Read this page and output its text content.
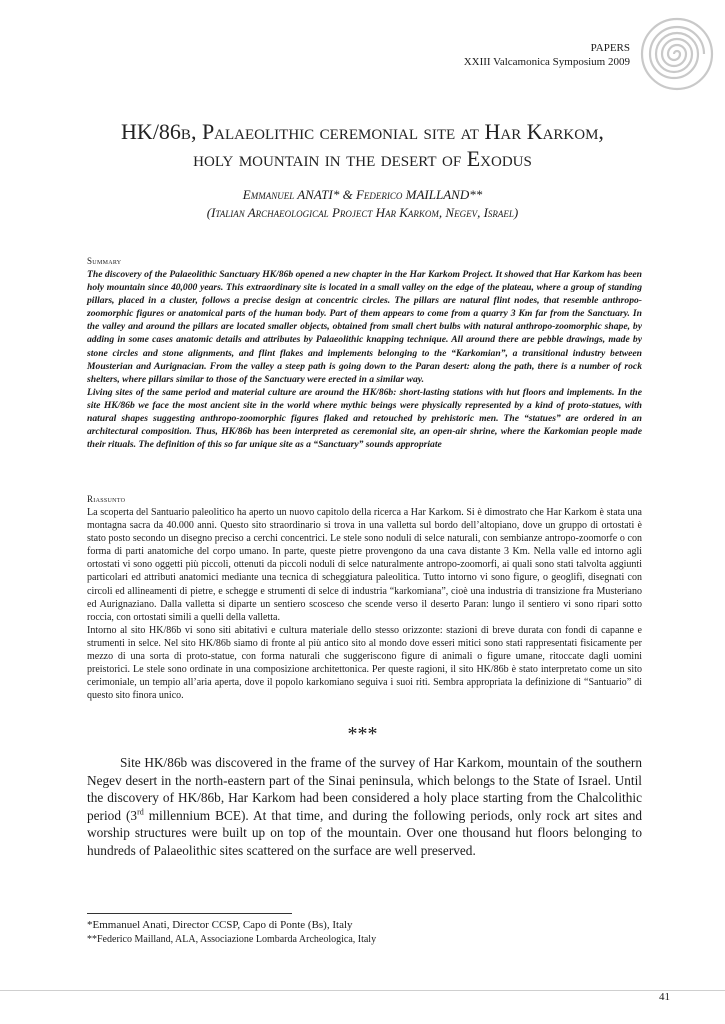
PAPERS
XXIII Valcamonica Symposium 2009
HK/86b, Palaeolithic ceremonial site at Har Karkom,
holy mountain in the desert of Exodus
Emmanuel ANATI* & Federico MAILLAND**
(Italian Archaeological Project Har Karkom, Negev, Israel)
Summary

The discovery of the Palaeolithic Sanctuary HK/86b opened a new chapter in the Har Karkom Project. It showed that Har Karkom has been holy mountain since 40,000 years. This extraordinary site is located in a small valley on the edge of the plateau, where a group of standing pillars, placed in a cluster, follows a precise design at concentric circles. The pillars are natural flint nodes, that resemble anthropo-zoomorphic figures or anatomical parts of the human body. Part of them appears to come from a quarry 3 Km far from the Sanctuary. In the valley and around the pillars are located smaller objects, obtained from small chert bulbs with natural anthropo-zoomorphic shape, by adding in some cases anatomic details and attributes by Palaeolithic knapping technique. All around there are pebble drawings, made by stone circles and stone alignments, and flint flakes and implements belonging to the “Karkomian”, a transitional industry between Mousterian and Aurignacian. From the valley a steep path is going down to the Paran desert: along the path, there is a number of rock shelters, where pillars similar to those of the Sanctuary were erected in a similar way.

Living sites of the same period and material culture are around the HK/86b: short-lasting stations with hut floors and implements. In the site HK/86b we face the most ancient site in the world where mythic beings were physically represented by a kind of proto-statues, with natural shapes suggesting anthropo-zoomorphic figures flaked and retouched by prehistoric men. The “statues” are ordered in an architectural composition. Thus, HK/86b has been interpreted as ceremonial site, an open-air shrine, where the Karkomian people made their rituals. The definition of this so far unique site as a “Sanctuary” sounds appropriate

Riassunto

La scoperta del Santuario paleolitico ha aperto un nuovo capitolo della ricerca a Har Karkom. Si è dimostrato che Har Karkom è stata una montagna sacra da 40.000 anni. Questo sito straordinario si trova in una valletta sul bordo dell’altopiano, dove un gruppo di ortostati è stato posto secondo un disegno preciso a cerchi concentrici. Le stele sono noduli di selce naturali, con sembianze antropo-zoomorfe o con forma di parti anatomiche del corpo umano. In parte, queste pietre provengono da una cava distante 3 Km. Nella valle ed intorno agli ortostati vi sono oggetti più piccoli, ottenuti da piccoli noduli di selce naturalmente antropo-zoomorfi, ai quali sono stati talvolta aggiunti particolari ed attributi anatomici mediante una tecnica di scheggiatura paleolitica. Tutto intorno vi sono figure, o geoglifi, disegnati con circoli ed allineamenti di pietre, e schegge e strumenti di selce di industria “karkomiana”, cioè una industria di transizione fra Musteriano ed Aurignaziano. Dalla valletta si diparte un sentiero scosceso che scende verso il deserto Paran: lungo il sentiero vi sono ripari sotto roccia, con ortostati simili a quelli della valletta.

Intorno al sito HK/86b vi sono siti abitativi e cultura materiale dello stesso orizzonte: stazioni di breve durata con fondi di capanne e strumenti in selce. Nel sito HK/86b siamo di fronte al più antico sito al mondo dove esseri mitici sono stati rappresentati fisicamente per mezzo di una sorta di proto-statue, con forma naturali che suggeriscono figure di animali o figure umane, ritoccate dagli uomini preistorici. Le stele sono ordinate in una composizione architettonica. Per queste ragioni, il sito HK/86b è stato interpretato come un sito cerimoniale, un tempio all’aria aperta, dove il popolo karkomiano seguiva i suoi riti. Sembra appropriata la definizione di “Santuario” di questo sito finora unico.

***

Site HK/86b was discovered in the frame of the survey of Har Karkom, mountain of the southern Negev desert in the north-eastern part of the Sinai peninsula, which belongs to the State of Israel. Until the discovery of HK/86b, Har Karkom had been considered a holy place starting from the Chalcolithic period (3rd millennium BCE). At that time, and during the following periods, only rock art sites and worship structures were built up on top of the mountain. Over one thousand hut floors belonging to hundreds of Palaeolithic sites scattered on the surface are well preserved.

*Emmanuel Anati, Director CCSP, Capo di Ponte (Bs), Italy
**Federico Mailland, ALA, Associazione Lombarda Archeologica, Italy
41
